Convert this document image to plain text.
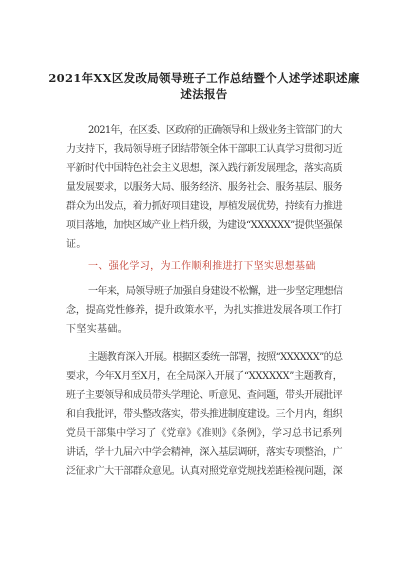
2021年XX区发改局领导班子工作总结暨个人述学述职述廉
述法报告
2021年，在区委、区政府的正确领导和上级业务主管部门的大
力支持下，我局领导班子团结带领全体干部职工认真学习贯彻习近
平新时代中国特色社会主义思想，深入践行新发展理念，落实高质
量发展要求，以服务大局、服务经济、服务社会、服务基层、服务
群众为出发点，着力抓好项目建设，厚植发展优势，持续有力推进
项目落地，加快区域产业上档升级，为建设“XXXXXX”提供坚强保
证。
一、强化学习，为工作顺利推进打下坚实思想基础
一年来，局领导班子加强自身建设不松懈，进一步坚定理想信
念，提高党性修养，提升政策水平，为扎实推进发展各项工作打
下坚实基础。
主题教育深入开展。根据区委统一部署，按照“XXXXXX”的总
要求，今年X月至X月，在全局深入开展了“XXXXXX”主题教育，
班子主要领导和成员带头学理论、听意见、查问题，带头开展批评
和自我批评，带头整改落实，带头推进制度建设。三个月内，组织
党员干部集中学习了《党章》《准则》《条例》，学习总书记系列
讲话，学十九届六中学会精神，深入基层调研，落实专项整治，广
泛征求广大干部群众意见。认真对照党章党规找差距检视问题，深
